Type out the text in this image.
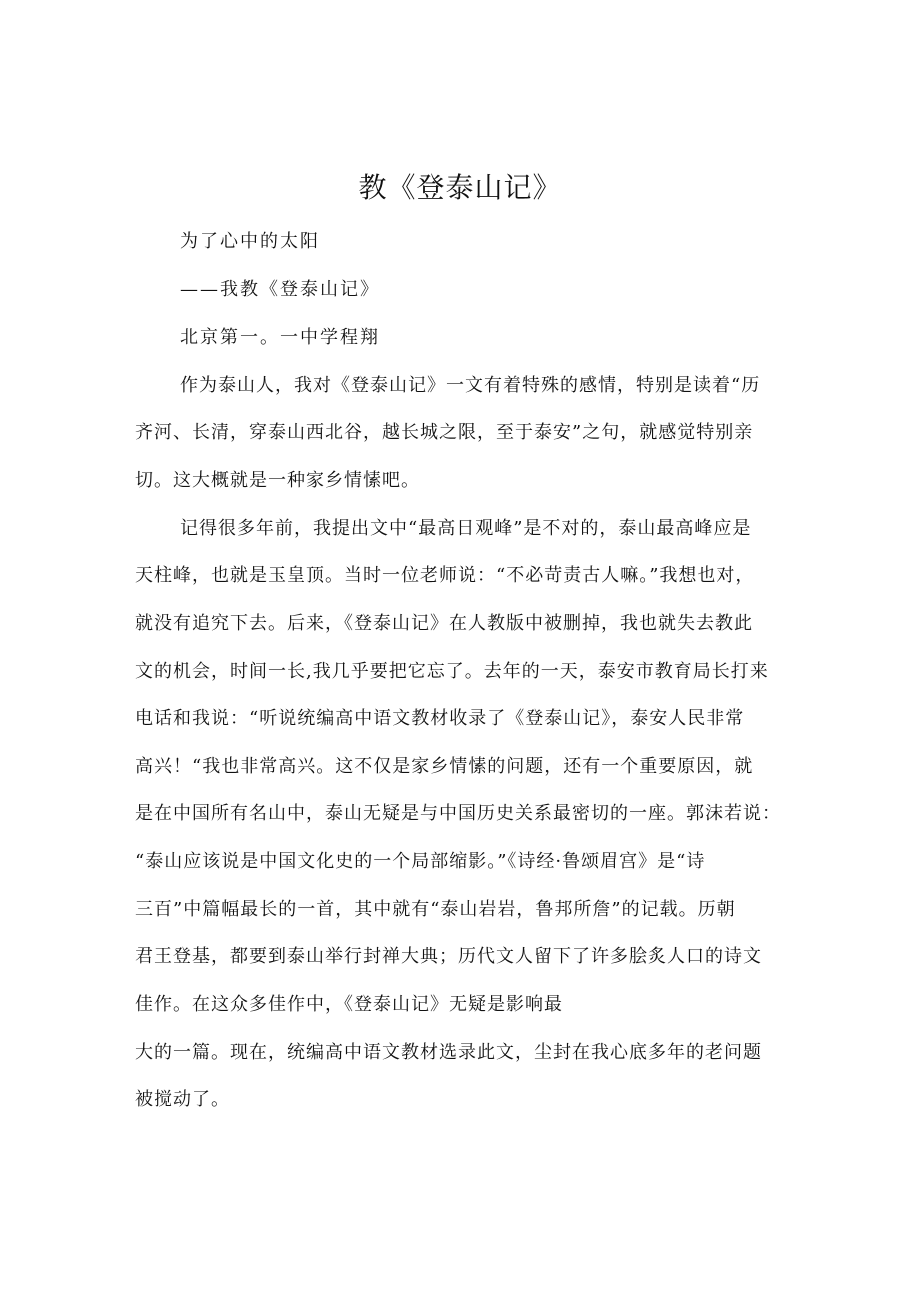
教《登泰山记》
为了心中的太阳
——我教《登泰山记》
北京第一。一中学程翔
作为泰山人，我对《登泰山记》一文有着特殊的感情，特别是读着“历
齐河、长清，穿泰山西北谷，越长城之限，至于泰安”之句，就感觉特别亲
切。这大概就是一种家乡情愫吧。
记得很多年前，我提出文中“最高日观峰”是不对的，泰山最高峰应是
天柱峰，也就是玉皇顶。当时一位老师说：“不必苛责古人嘛。”我想也对，
就没有追究下去。后来，《登泰山记》在人教版中被删掉，我也就失去教此
文的机会，时间一长,我几乎要把它忘了。去年的一天，泰安市教育局长打来
电话和我说：“听说统编高中语文教材收录了《登泰山记》，泰安人民非常
高兴！“我也非常高兴。这不仅是家乡情愫的问题，还有一个重要原因，就
是在中国所有名山中，泰山无疑是与中国历史关系最密切的一座。郭沫若说：
“泰山应该说是中国文化史的一个局部缩影。”《诗经·鲁颂眉宫》是“诗
三百”中篇幅最长的一首，其中就有“泰山岩岩，鲁邦所詹”的记载。历朝
君王登基，都要到泰山举行封禅大典；历代文人留下了许多脍炙人口的诗文
佳作。在这众多佳作中，《登泰山记》无疑是影响最
大的一篇。现在，统编高中语文教材选录此文，尘封在我心底多年的老问题
被搅动了。
